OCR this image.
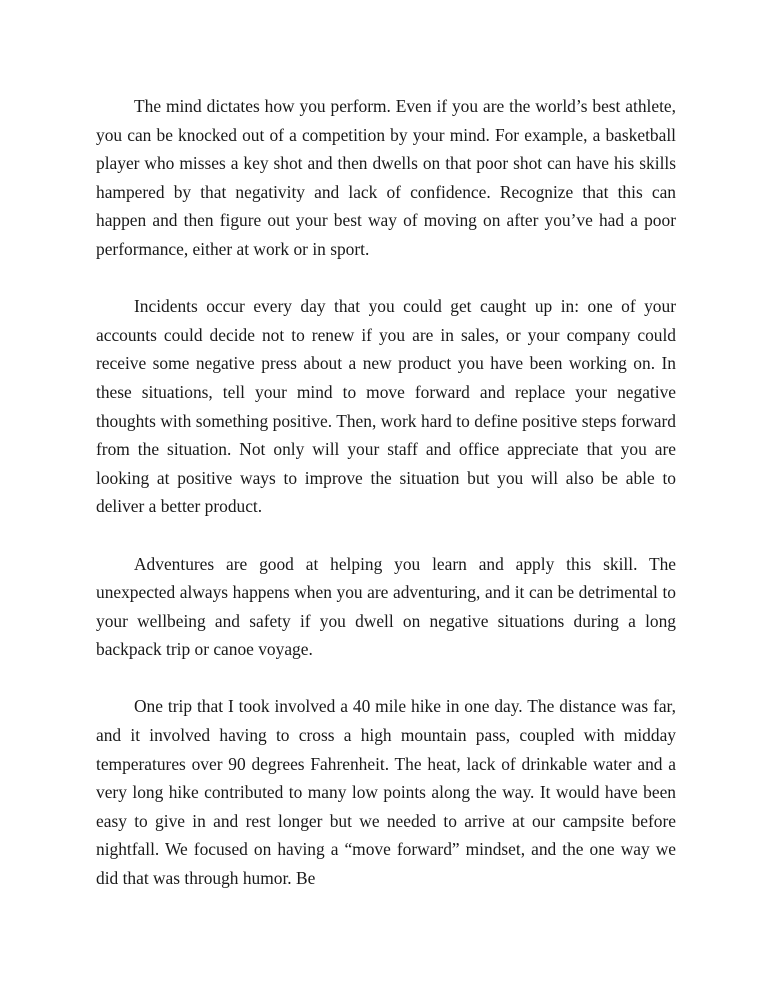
The mind dictates how you perform. Even if you are the world’s best athlete, you can be knocked out of a competition by your mind. For example, a basketball player who misses a key shot and then dwells on that poor shot can have his skills hampered by that negativity and lack of confidence. Recognize that this can happen and then figure out your best way of moving on after you’ve had a poor performance, either at work or in sport.

Incidents occur every day that you could get caught up in: one of your accounts could decide not to renew if you are in sales, or your company could receive some negative press about a new product you have been working on. In these situations, tell your mind to move forward and replace your negative thoughts with something positive. Then, work hard to define positive steps forward from the situation. Not only will your staff and office appreciate that you are looking at positive ways to improve the situation but you will also be able to deliver a better product.

Adventures are good at helping you learn and apply this skill. The unexpected always happens when you are adventuring, and it can be detrimental to your wellbeing and safety if you dwell on negative situations during a long backpack trip or canoe voyage.

One trip that I took involved a 40 mile hike in one day. The distance was far, and it involved having to cross a high mountain pass, coupled with midday temperatures over 90 degrees Fahrenheit. The heat, lack of drinkable water and a very long hike contributed to many low points along the way. It would have been easy to give in and rest longer but we needed to arrive at our campsite before nightfall. We focused on having a “move forward” mindset, and the one way we did that was through humor. Be
